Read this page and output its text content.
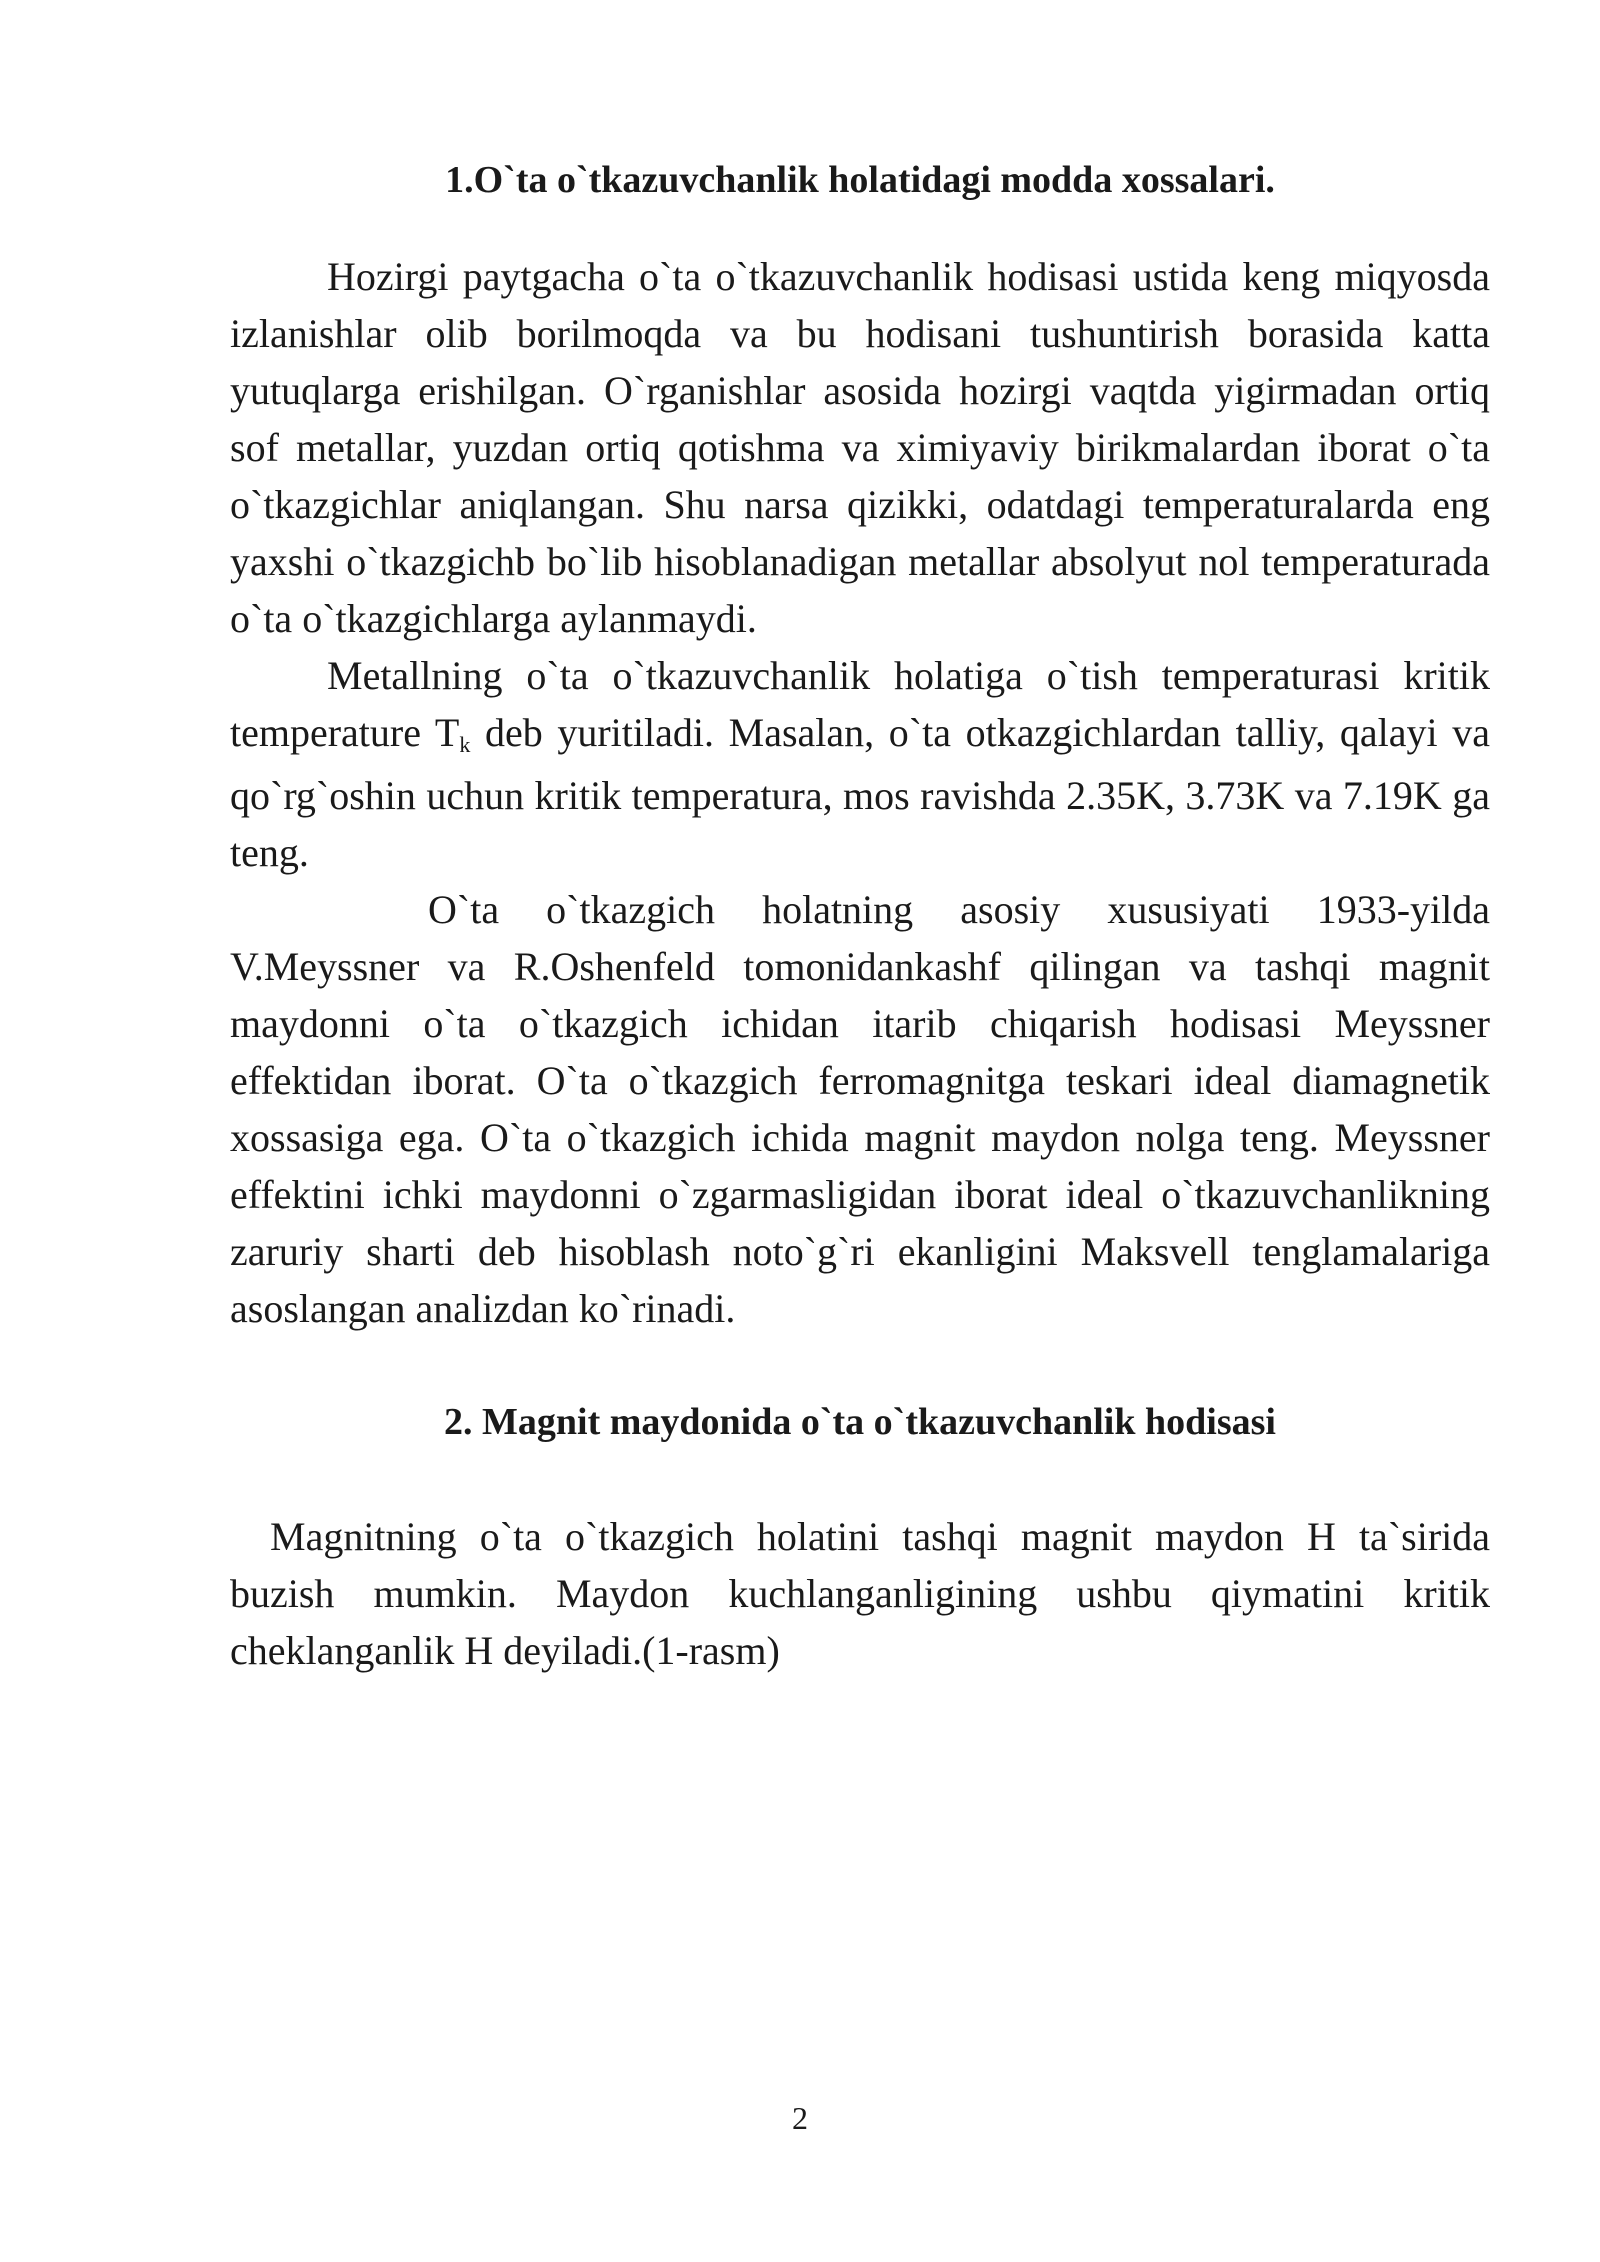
1.O`ta o`tkazuvchanlik holatidagi modda xossalari.

Hozirgi paytgacha o`ta o`tkazuvchanlik hodisasi ustida keng miqyosda izlanishlar olib borilmoqda va bu hodisani tushuntirish borasida katta yutuqlarga erishilgan. O`rganishlar asosida hozirgi vaqtda yigirmadan ortiq sof metallar, yuzdan ortiq qotishma va ximiyaviy birikmalardan iborat o`ta o`tkazgichlar aniqlangan. Shu narsa qizikki, odatdagi temperaturalarda eng yaxshi o`tkazgichb bo`lib hisoblanadigan metallar absolyut nol temperaturada o`ta o`tkazgichlarga aylanmaydi.

Metallning o`ta o`tkazuvchanlik holatiga o`tish temperaturasi kritik temperature $T_k$ deb yuritiladi. Masalan, o`ta otkazgichlardan talliy, qalayi va qo`rg`oshin uchun kritik temperatura, mos ravishda 2.35K, 3.73K va 7.19K ga teng.

O`ta o`tkazgich holatning asosiy xususiyati 1933-yilda V.Meyssner va R.Oshenfeld tomonidankashf qilingan va tashqi magnit maydonni o`ta o`tkazgich ichidan itarib chiqarish hodisasi Meyssner effektidan iborat. O`ta o`tkazgich ferromagnitga teskari ideal diamagnetik xossasiga ega. O`ta o`tkazgich ichida magnit maydon nolga teng. Meyssner effektini ichki maydonni o`zgarmasligidan iborat ideal o`tkazuvchanlikning zaruriy sharti deb hisoblash noto`g`ri ekanligini Maksvell tenglamalariga asoslangan analizdan ko`rinadi.

2. Magnit maydonida o`ta o`tkazuvchanlik hodisasi

Magnitning o`ta o`tkazgich holatini tashqi magnit maydon H ta`sirida buzish mumkin. Maydon kuchlanganligining ushbu qiymatini kritik cheklanganlik H deyiladi.(1-rasm)

2
